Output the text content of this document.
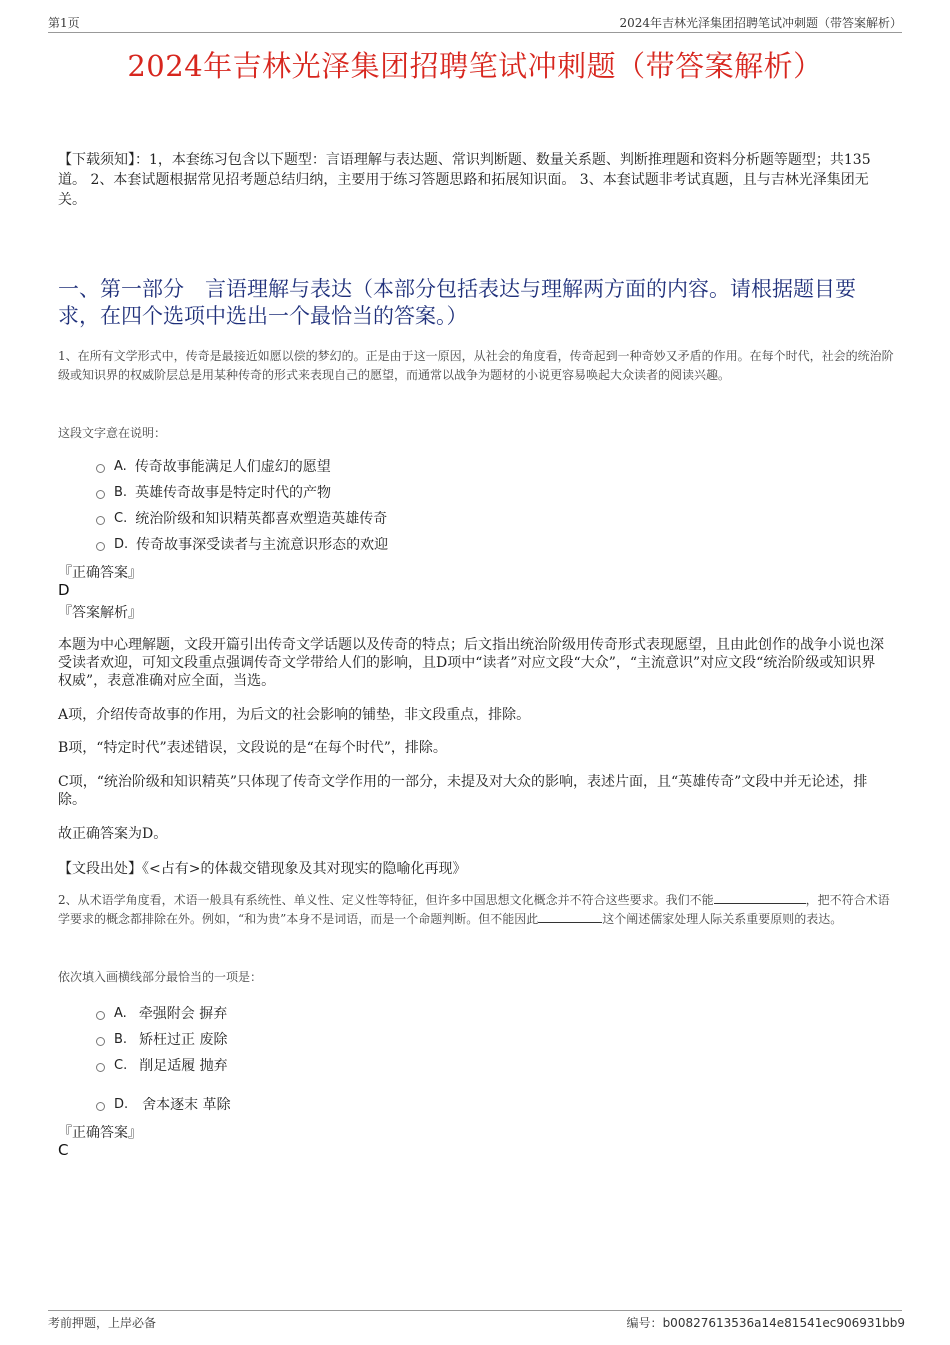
第1页	2024年吉林光泽集团招聘笔试冲刺题（带答案解析）
2024年吉林光泽集团招聘笔试冲刺题（带答案解析）
【下载须知】：1，本套练习包含以下题型：言语理解与表达题、常识判断题、数量关系题、判断推理题和资料分析题等题型；共135道。 2、本套试题根据常见招考题总结归纳，主要用于练习答题思路和拓展知识面。 3、本套试题非考试真题，且与吉林光泽集团无关。
一、第一部分　言语理解与表达（本部分包括表达与理解两方面的内容。请根据题目要求，在四个选项中选出一个最恰当的答案。）
1、在所有文学形式中，传奇是最接近如愿以偿的梦幻的。正是由于这一原因，从社会的角度看，传奇起到一种奇妙又矛盾的作用。在每个时代，社会的统治阶级或知识界的权威阶层总是用某种传奇的形式来表现自己的愿望，而通常以战争为题材的小说更容易唤起大众读者的阅读兴趣。
这段文字意在说明：
A. 传奇故事能满足人们虚幻的愿望
B. 英雄传奇故事是特定时代的产物
C. 统治阶级和知识精英都喜欢塑造英雄传奇
D. 传奇故事深受读者与主流意识形态的欢迎
『正确答案』
D
『答案解析』
本题为中心理解题，文段开篇引出传奇文学话题以及传奇的特点；后文指出统治阶级用传奇形式表现愿望，且由此创作的战争小说也深受读者欢迎，可知文段重点强调传奇文学带给人们的影响，且D项中“读者”对应文段“大众”，“主流意识”对应文段“统治阶级或知识界权威”，表意准确对应全面，当选。
A项，介绍传奇故事的作用，为后文的社会影响的铺垫，非文段重点，排除。
B项，“特定时代”表述错误，文段说的是“在每个时代”，排除。
C项，“统治阶级和知识精英”只体现了传奇文学作用的一部分，未提及对大众的影响，表述片面，且“英雄传奇”文段中并无论述，排除。
故正确答案为D。
【文段出处】《<占有>的体裁交错现象及其对现实的隐喻化再现》
2、从术语学角度看，术语一般具有系统性、单义性、定义性等特征，但许多中国思想文化概念并不符合这些要求。我们不能	，把不符合术语学要求的概念都排除在外。例如，“和为贵”本身不是词语，而是一个命题判断。但不能因此	这个阐述儒家处理人际关系重要原则的表达。
依次填入画横线部分最恰当的一项是：
A. 牵强附会 摒弃
B. 矫枉过正 废除
C. 削足适履 抛弃
D. 舍本逐末 革除
『正确答案』
C
考前押题，上岸必备	编号：b00827613536a14e81541ec906931bb9
